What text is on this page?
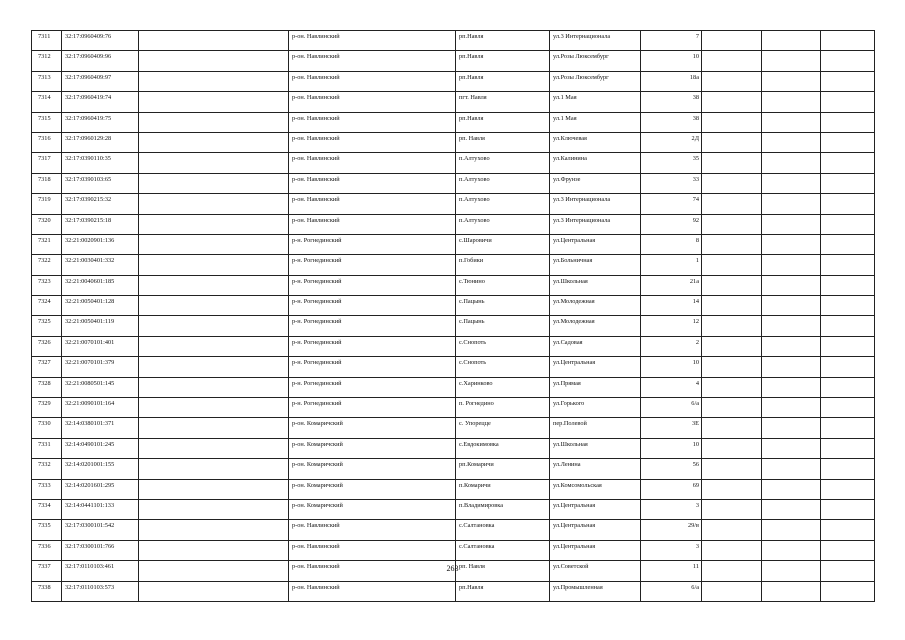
7311	32:17:0960409:76		р-он. Навлинский	рп.Навля	ул.3 Интернационала	7			
7312	32:17:0960409:96		р-он. Навлинский	рп.Навля	ул.Розы Люксембург	10			
7313	32:17:0960409:97		р-он. Навлинский	рп.Навля	ул.Розы Люксембург	18а			
7314	32:17:0960419:74		р-он. Навлинский	пгт. Навля	ул.1 Мая	38			
7315	32:17:0960419:75		р-он. Навлинский	рп.Навля	ул.1 Мая	38			
7316	32:17:0960129:28		р-он. Навлинский	рп. Навля	ул.Ключевая	2Д			
7317	32:17:0390110:35		р-он. Навлинский	п.Алтухово	ул.Калинина	35			
7318	32:17:0390103:65		р-он. Навлинский	п.Алтухово	ул.Фрунзе	33			
7319	32:17:0390215:32		р-он. Навлинский	п.Алтухово	ул.3 Интернационала	74			
7320	32:17:0390215:18		р-он. Навлинский	п.Алтухово	ул.3 Интернационала	92			
7321	32:21:0020901:136		р-н. Рогнединский	с.Шаровичи	ул.Центральная	8			
7322	32:21:0030401:332		р-н. Рогнединский	п.Гобики	ул.Больничная	1			
7323	32:21:0040601:185		р-н. Рогнединский	с.Тюнино	ул.Школьная	21а			
7324	32:21:0050401:128		р-н. Рогнединский	с.Пацынь	ул.Молодежная	14			
7325	32:21:0050401:119		р-н. Рогнединский	с.Пацынь	ул.Молодежная	12			
7326	32:21:0070101:401		р-н. Рогнединский	с.Снопоть	ул.Садовая	2			
7327	32:21:0070101:379		р-н. Рогнединский	с.Снопоть	ул.Центральная	10			
7328	32:21:0080501:145		р-н. Рогнединский	с.Харинково	ул.Прямая	4			
7329	32:21:0090101:164		р-н. Рогнединский	п. Рогнедино	ул.Горького	6/а			
7330	32:14:0380101:371		р-он. Комаричский	с. Упорецце	пер.Полевой	3Е			
7331	32:14:0490101:245		р-он. Комаричский	с.Евдокимовка	ул.Школьная	10			
7332	32:14:0201001:155		р-он. Комаричский	рп.Комаричи	ул.Ленина	56			
7333	32:14:0201601:295		р-он. Комаричский	п.Комаричи	ул.Комсомольская	69			
7334	32:14:0441101:133		р-он. Комаричский	п.Владимировка	ул.Центральная	3			
7335	32:17:0300101:542		р-он. Навлинский	с.Салтановка	ул.Центральная	29/в			
7336	32:17:0300101:766		р-он. Навлинский	с.Салтановка	ул.Центральная	3			
7337	32:17:0110103:461		р-он. Навлинский	рп. Навля	ул.Советской	11			
7338	32:17:0110103:573		р-он. Навлинский	рп.Навля	ул.Промышленная	6/а			
263
